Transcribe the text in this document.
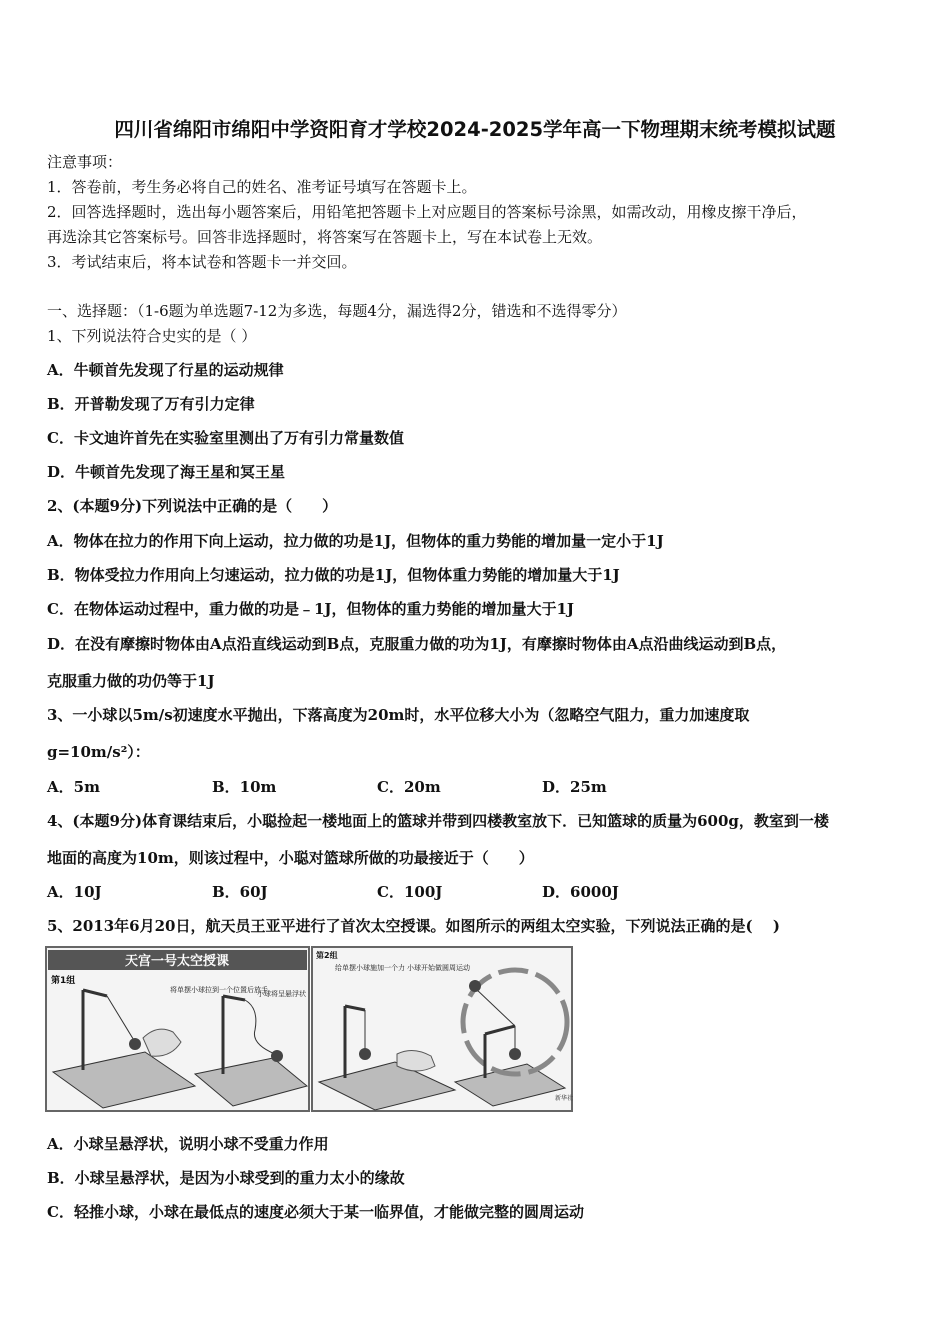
四川省绵阳市绵阳中学资阳育才学校2024-2025学年高一下物理期末统考模拟试题
注意事项：
1．答卷前，考生务必将自己的姓名、准考证号填写在答题卡上。
2．回答选择题时，选出每小题答案后，用铅笔把答题卡上对应题目的答案标号涂黑，如需改动，用橡皮擦干净后，
再选涂其它答案标号。回答非选择题时，将答案写在答题卡上，写在本试卷上无效。
3．考试结束后，将本试卷和答题卡一并交回。
一、选择题：（1-6题为单选题7-12为多选，每题4分，漏选得2分，错选和不选得零分）
1、下列说法符合史实的是（ ）
A．牛顿首先发现了行星的运动规律
B．开普勒发现了万有引力定律
C．卡文迪许首先在实验室里测出了万有引力常量数值
D．牛顿首先发现了海王星和冥王星
2、(本题9分)下列说法中正确的是（　　）
A．物体在拉力的作用下向上运动，拉力做的功是1J，但物体的重力势能的增加量一定小于1J
B．物体受拉力作用向上匀速运动，拉力做的功是1J，但物体重力势能的增加量大于1J
C．在物体运动过程中，重力做的功是﹣1J，但物体的重力势能的增加量大于1J
D．在没有摩擦时物体由A点沿直线运动到B点，克服重力做的功为1J，有摩擦时物体由A点沿曲线运动到B点，
克服重力做的功仍等于1J
3、一小球以5m/s初速度水平抛出，下落高度为20m时，水平位移大小为（忽略空气阻力，重力加速度取
g=10m/s²）：
A．5m	B．10m	C．20m	D．25m
4、(本题9分)体育课结束后，小聪捡起一楼地面上的篮球并带到四楼教室放下．已知篮球的质量为600g，教室到一楼
地面的高度为10m，则该过程中，小聪对篮球所做的功最接近于（　　）
A．10J	B．60J	C．100J	D．6000J
5、2013年6月20日，航天员王亚平进行了首次太空授课。如图所示的两组太空实验，下列说法正确的是(　 )
天宫一号太空授课
第1组
将单摆小球拉到一个位置后放手
小球将呈悬浮状
第2组
给单摆小球施加一个力 小球开始做圆周运动
新华社
A．小球呈悬浮状，说明小球不受重力作用
B．小球呈悬浮状，是因为小球受到的重力太小的缘故
C．轻推小球，小球在最低点的速度必须大于某一临界值，才能做完整的圆周运动
